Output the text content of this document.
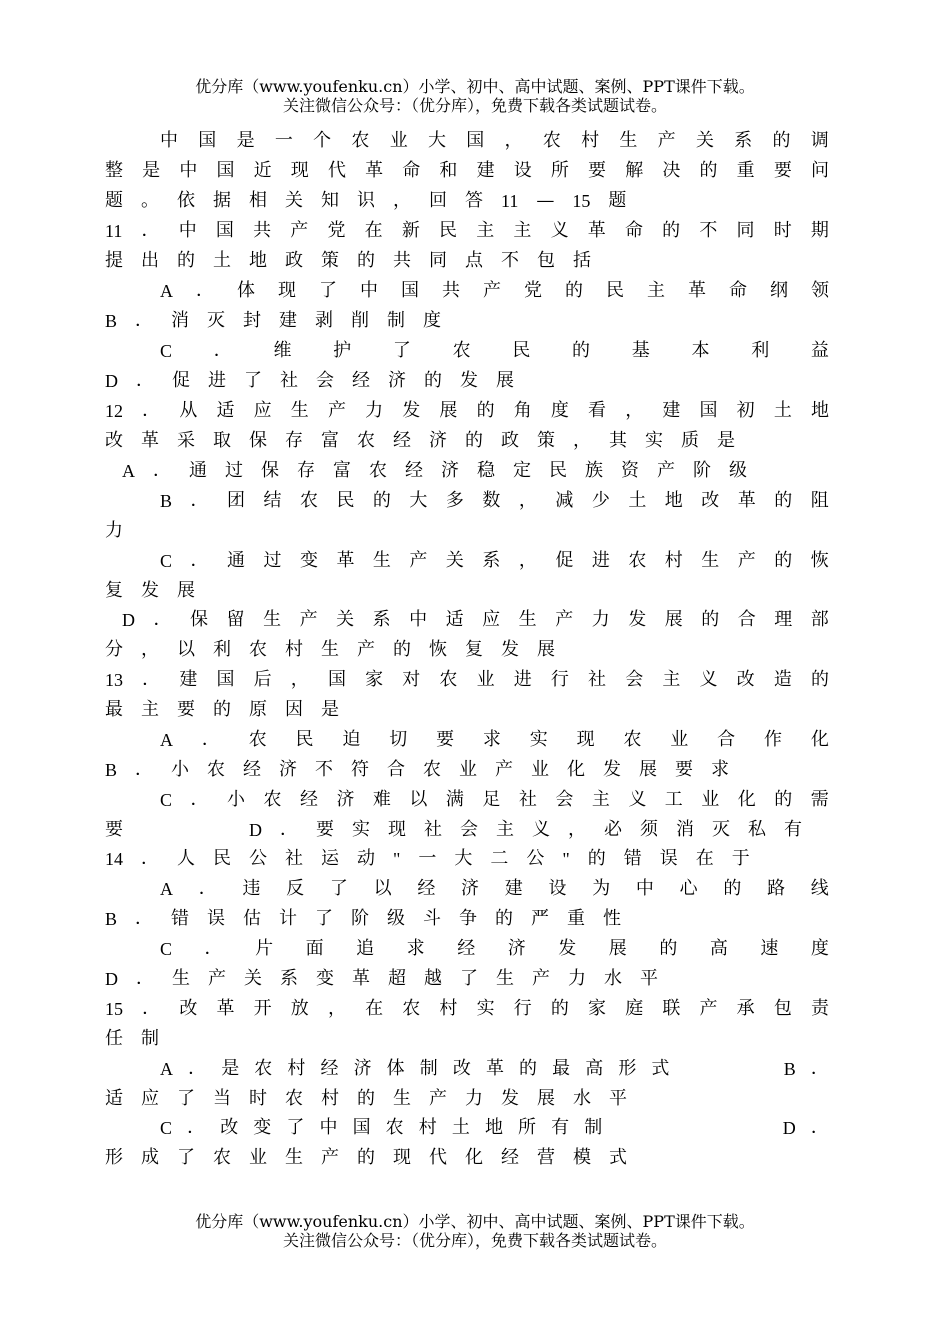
优分库（www.youfenku.cn）小学、初中、高中试题、案例、PPT课件下载。
关注微信公众号：（优分库），免费下载各类试题试卷。
中 国 是 一 个 农 业 大 国 ， 农 村 生 产 关 系 的 调
整 是 中 国 近 现 代 革 命 和 建 设 所 要 解 决 的 重 要 问
题 。 依 据 相 关 知 识 ， 回 答 11 — 15 题
11 ． 中 国 共 产 党 在 新 民 主 主 义 革 命 的 不 同 时 期
提 出 的 土 地 政 策 的 共 同 点 不 包 括
A ． 体 现 了 中 国 共 产 党 的 民 主 革 命 纲 领
B ． 消 灭 封 建 剥 削 制 度
C ． 维 护 了 农 民 的 基 本 利 益
D ． 促 进 了 社 会 经 济 的 发 展
12 ． 从 适 应 生 产 力 发 展 的 角 度 看 ， 建 国 初 土 地
改 革 采 取 保 存 富 农 经 济 的 政 策 ， 其 实 质 是
A ． 通 过 保 存 富 农 经 济 稳 定 民 族 资 产 阶 级
B ． 团 结 农 民 的 大 多 数 ， 减 少 土 地 改 革 的 阻
力
C ． 通 过 变 革 生 产 关 系 ， 促 进 农 村 生 产 的 恢
复 发 展
D ． 保 留 生 产 关 系 中 适 应 生 产 力 发 展 的 合 理 部
分 ， 以 利 农 村 生 产 的 恢 复 发 展
13 ． 建 国 后 ， 国 家 对 农 业 进 行 社 会 主 义 改 造 的
最 主 要 的 原 因 是
A ． 农 民 迫 切 要 求 实 现 农 业 合 作 化
B ． 小 农 经 济 不 符 合 农 业 产 业 化 发 展 要 求
C ． 小 农 经 济 难 以 满 足 社 会 主 义 工 业 化 的 需
要

　	D ． 要 实 现 社 会 主 义 ， 必 须 消 灭 私 有
14 ． 人 民 公 社 运 动 " 一 大 二 公 " 的 错 误 在 于
A ． 违 反 了 以 经 济 建 设 为 中 心 的 路 线
B ． 错 误 估 计 了 阶 级 斗 争 的 严 重 性
C ． 片 面 追 求 经 济 发 展 的 高 速 度
D ． 生 产 关 系 变 革 超 越 了 生 产 力 水 平
15 ． 改 革 开 放 ， 在 农 村 实 行 的 家 庭 联 产 承 包 责
任 制
A ． 是 农 村 经 济 体 制 改 革 的 最 高 形 式

　	B ．
适 应 了 当 时 农 村 的 生 产 力 发 展 水 平
C ． 改 变 了 中 国 农 村 土 地 所 有 制

　	D ．
形 成 了 农 业 生 产 的 现 代 化 经 营 模 式
优分库（www.youfenku.cn）小学、初中、高中试题、案例、PPT课件下载。
关注微信公众号：（优分库），免费下载各类试题试卷。
